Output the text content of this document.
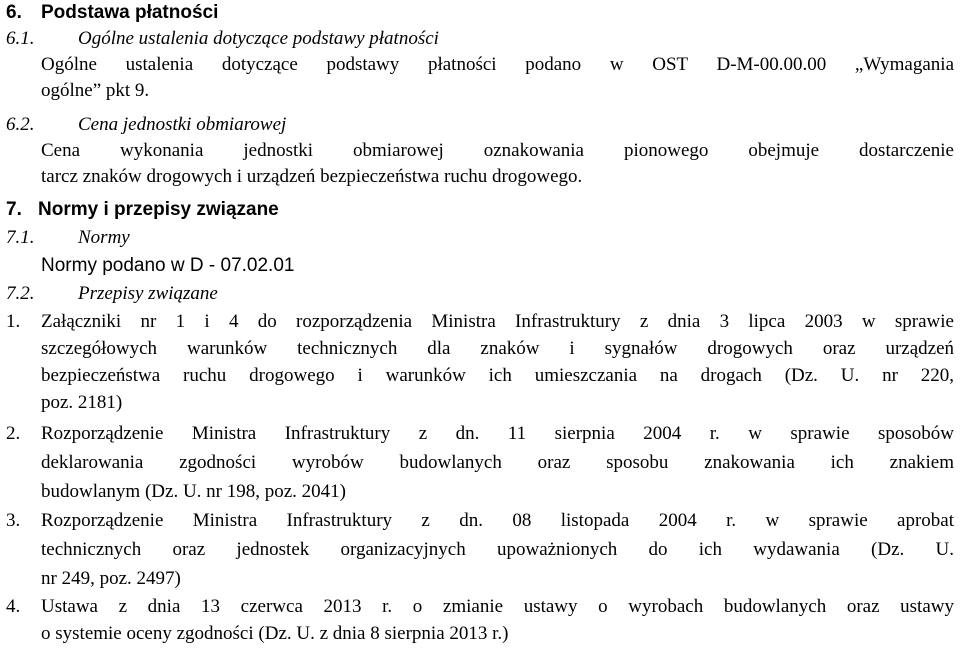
6. Podstawa płatności
6.1. Ogólne ustalenia dotyczące podstawy płatności
Ogólne ustalenia dotyczące podstawy płatności podano w OST D-M-00.00.00 „Wymagania
ogólne” pkt 9.
6.2. Cena jednostki obmiarowej
Cena wykonania jednostki obmiarowej oznakowania pionowego obejmuje dostarczenie
tarcz znaków drogowych i urządzeń bezpieczeństwa ruchu drogowego.
7. Normy i przepisy związane
7.1. Normy
Normy podano w D - 07.02.01
7.2. Przepisy związane
1. Załączniki nr 1 i 4 do rozporządzenia Ministra Infrastruktury z dnia 3 lipca 2003 w sprawie
szczegółowych warunków technicznych dla znaków i sygnałów drogowych oraz urządzeń
bezpieczeństwa ruchu drogowego i warunków ich umieszczania na drogach (Dz. U. nr 220,
poz. 2181)
2. Rozporządzenie Ministra Infrastruktury z dn. 11 sierpnia 2004 r. w sprawie sposobów
deklarowania zgodności wyrobów budowlanych oraz sposobu znakowania ich znakiem
budowlanym (Dz. U. nr 198, poz. 2041)
3. Rozporządzenie Ministra Infrastruktury z dn. 08 listopada 2004 r. w sprawie aprobat
technicznych oraz jednostek organizacyjnych upoważnionych do ich wydawania (Dz. U.
nr 249, poz. 2497)
4. Ustawa z dnia 13 czerwca 2013 r. o zmianie ustawy o wyrobach budowlanych oraz ustawy
o systemie oceny zgodności (Dz. U. z dnia 8 sierpnia 2013 r.)
